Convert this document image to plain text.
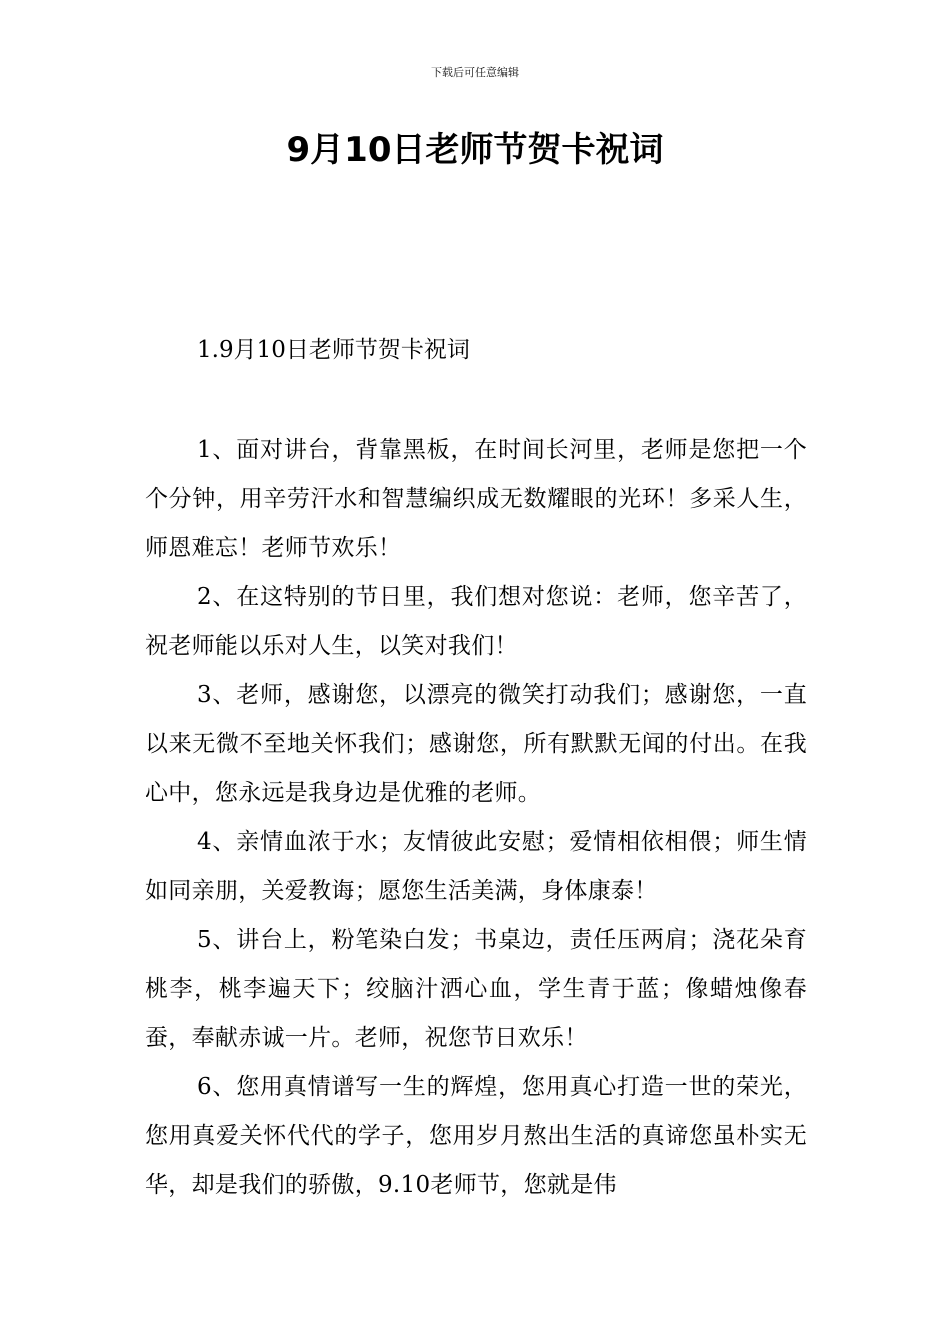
下载后可任意编辑
9月10日老师节贺卡祝词
1.9月10日老师节贺卡祝词

1、面对讲台，背靠黑板，在时间长河里，老师是您把一个个分钟，用辛劳汗水和智慧编织成无数耀眼的光环！多采人生，师恩难忘！老师节欢乐！

2、在这特别的节日里，我们想对您说：老师，您辛苦了，祝老师能以乐对人生，以笑对我们！

3、老师，感谢您，以漂亮的微笑打动我们；感谢您，一直以来无微不至地关怀我们；感谢您，所有默默无闻的付出。在我心中，您永远是我身边是优雅的老师。

4、亲情血浓于水；友情彼此安慰；爱情相依相偎；师生情如同亲朋，关爱教诲；愿您生活美满，身体康泰！

5、讲台上，粉笔染白发；书桌边，责任压两肩；浇花朵育桃李，桃李遍天下；绞脑汁洒心血，学生青于蓝；像蜡烛像春蚕，奉献赤诚一片。老师，祝您节日欢乐！

6、您用真情谱写一生的辉煌，您用真心打造一世的荣光，您用真爱关怀代代的学子，您用岁月熬出生活的真谛您虽朴实无华，却是我们的骄傲，9.10老师节，您就是伟
